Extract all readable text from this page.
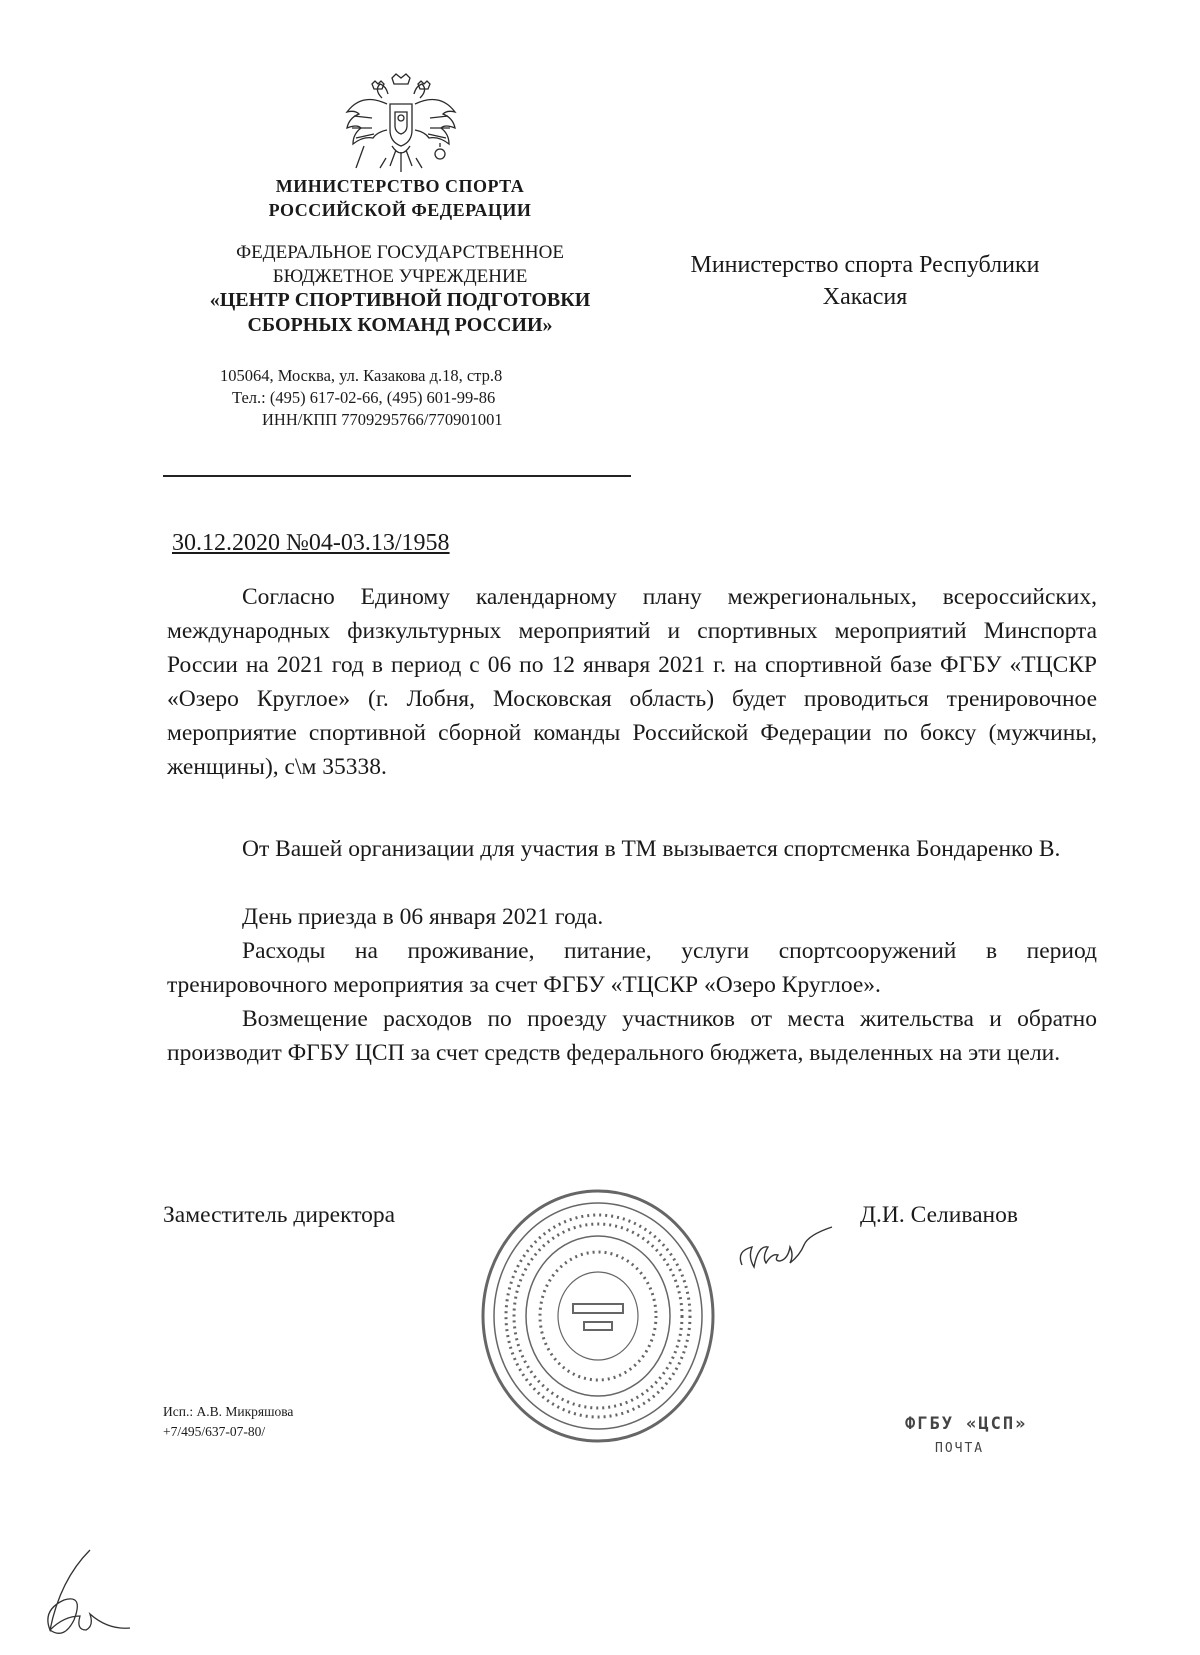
МИНИСТЕРСТВО СПОРТА
РОССИЙСКОЙ ФЕДЕРАЦИИ
ФЕДЕРАЛЬНОЕ ГОСУДАРСТВЕННОЕ
БЮДЖЕТНОЕ УЧРЕЖДЕНИЕ
«ЦЕНТР СПОРТИВНОЙ ПОДГОТОВКИ
СБОРНЫХ КОМАНД РОССИИ»
105064, Москва, ул. Казакова д.18, стр.8
Тел.: (495) 617-02-66, (495) 601-99-86
ИНН/КПП 7709295766/770901001
Министерство спорта Республики
Хакасия
30.12.2020 №04-03.13/1958

Согласно Единому календарному плану межрегиональных, всероссийских, международных физкультурных мероприятий и спортивных мероприятий Минспорта России на 2021 год в период с 06 по 12 января 2021 г. на спортивной базе ФГБУ «ТЦСКР «Озеро Круглое» (г. Лобня, Московская область) будет проводиться тренировочное мероприятие спортивной сборной команды Российской Федерации по боксу (мужчины, женщины), с\м 35338.

От Вашей организации для участия в ТМ вызывается спортсменка Бондаренко В.

День приезда в 06 января 2021 года.

Расходы на проживание, питание, услуги спортсооружений в период тренировочного мероприятия за счет ФГБУ «ТЦСКР «Озеро Круглое».

Возмещение расходов по проезду участников от места жительства и обратно производит ФГБУ ЦСП за счет средств федерального бюджета, выделенных на эти цели.

Заместитель директора	Д.И. Селиванов
Исп.: А.В. Микряшова
+7/495/637-07-80/	ФГБУ «ЦСП»
ПОЧТА
